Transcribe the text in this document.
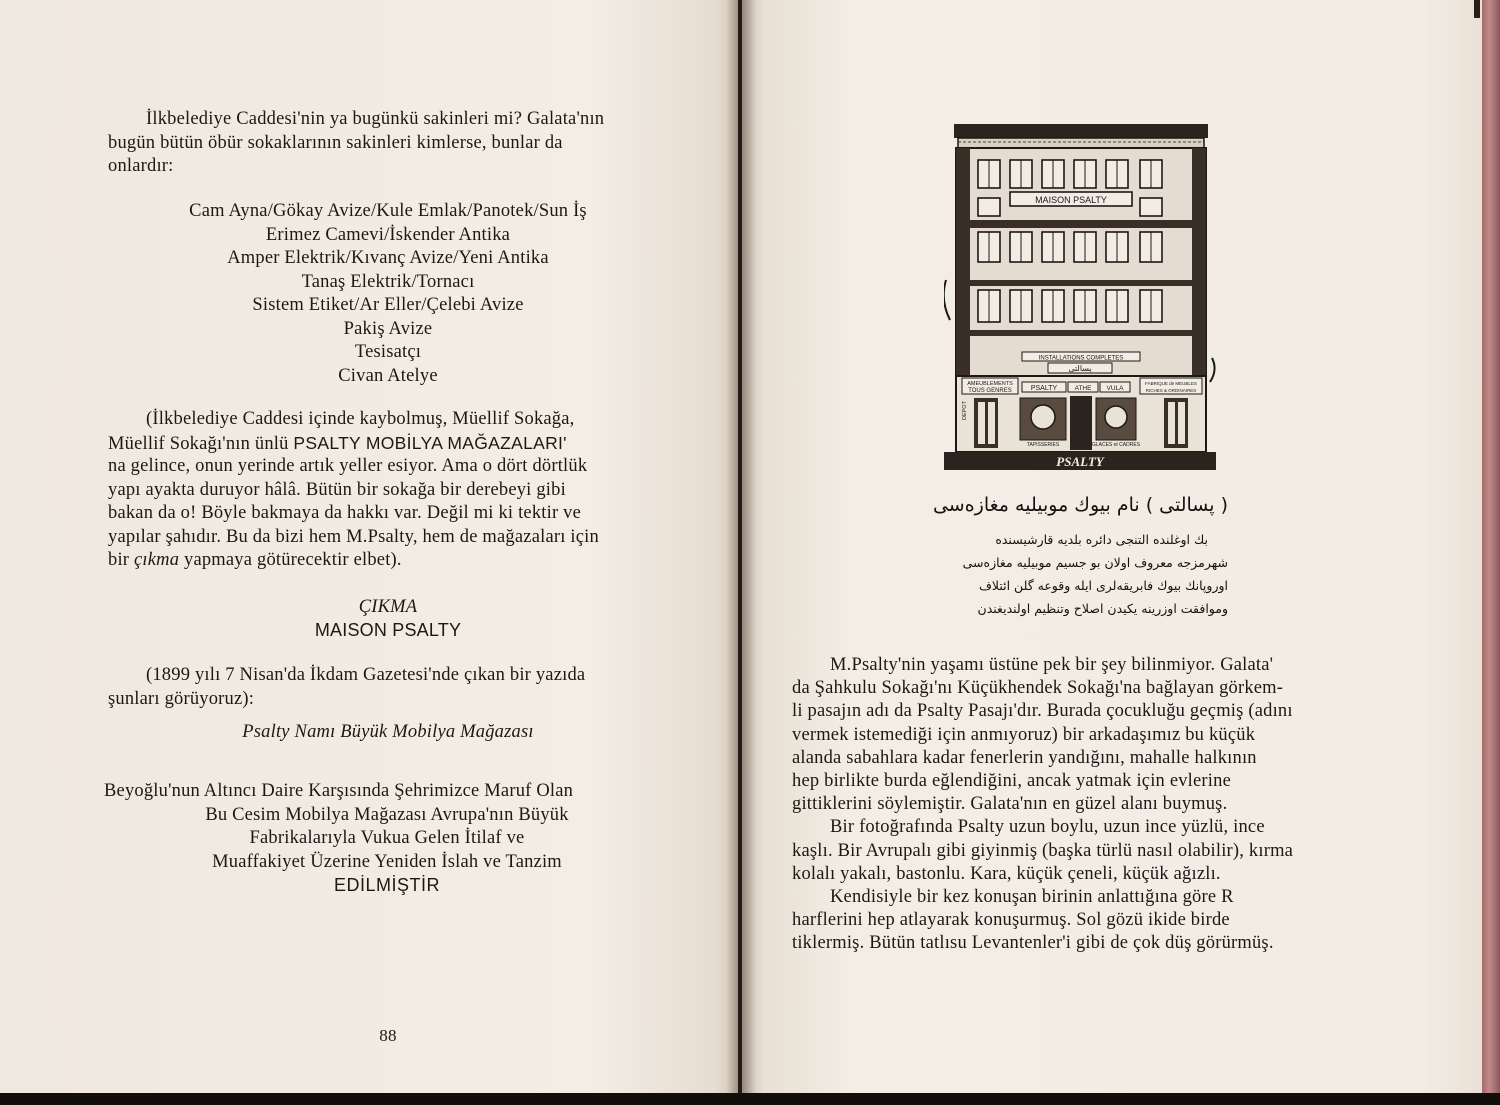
İlkbelediye Caddesi'nin ya bugünkü sakinleri mi? Galata'nın
bugün bütün öbür sokaklarının sakinleri kimlerse, bunlar da
onlardır:
Cam Ayna/Gökay Avize/Kule Emlak/Panotek/Sun İş
Erimez Camevi/İskender Antika
Amper Elektrik/Kıvanç Avize/Yeni Antika
Tanaş Elektrik/Tornacı
Sistem Etiket/Ar Eller/Çelebi Avize
Pakiş Avize
Tesisatçı
Civan Atelye
(İlkbelediye Caddesi içinde kaybolmuş, Müellif Sokağa,
Müellif Sokağı'nın ünlü PSALTY MOBİLYA MAĞAZALARI'
na gelince, onun yerinde artık yeller esiyor. Ama o dört dörtlük
yapı ayakta duruyor hâlâ. Bütün bir sokağa bir derebeyi gibi
bakan da o! Böyle bakmaya da hakkı var. Değil mi ki tektir ve
yapılar şahıdır. Bu da bizi hem M.Psalty, hem de mağazaları için
bir çıkma yapmaya götürecektir elbet).
ÇIKMA
MAISON PSALTY
(1899 yılı 7 Nisan'da İkdam Gazetesi'nde çıkan bir yazıda
şunları görüyoruz):
Psalty Namı Büyük Mobilya Mağazası
Beyoğlu'nun Altıncı Daire Karşısında Şehrimizce Maruf Olan
Bu Cesim Mobilya Mağazası Avrupa'nın Büyük
Fabrikalarıyla Vukua Gelen İtilaf ve
Muaffakiyet Üzerine Yeniden İslah ve Tanzim
EDİLMİŞTİR
88
MAISON PSALTY
INSTALLATIONS COMPLETES
پسالتی
AMEUBLEMENTS
TOUS GENRES	PSALTY	ATHE VULA
FABRIQUE de MEUBLES
RICHES & ORDINAIRES
DEPOT
TAPISSERIES	GLACES et CADRES
PSALTY
( پسالتی ) نام بیوك موبیلیه مغازه‌سی
بك اوغلنده التنجی دائره بلدیه قارشیسنده
شهرمزجه معروف اولان بو جسیم موبیلیه مغازه‌سی
اوروپانك بیوك فابریقه‌لری ایله وقوعه گلن ائتلاف
وموافقت اوزرینه یکیدن اصلاح وتنظیم اولندیغندن
M.Psalty'nin yaşamı üstüne pek bir şey bilinmiyor. Galata'
da Şahkulu Sokağı'nı Küçükhendek Sokağı'na bağlayan görkem-
li pasajın adı da Psalty Pasajı'dır. Burada çocukluğu geçmiş (adını
vermek istemediği için anmıyoruz) bir arkadaşımız bu küçük
alanda sabahlara kadar fenerlerin yandığını, mahalle halkının
hep birlikte burda eğlendiğini, ancak yatmak için evlerine
gittiklerini söylemiştir. Galata'nın en güzel alanı buymuş.
Bir fotoğrafında Psalty uzun boylu, uzun ince yüzlü, ince
kaşlı. Bir Avrupalı gibi giyinmiş (başka türlü nasıl olabilir), kırma
kolalı yakalı, bastonlu. Kara, küçük çeneli, küçük ağızlı.
Kendisiyle bir kez konuşan birinin anlattığına göre R
harflerini hep atlayarak konuşurmuş. Sol gözü ikide birde
tiklermiş. Bütün tatlısu Levantenler'i gibi de çok düş görürmüş.
